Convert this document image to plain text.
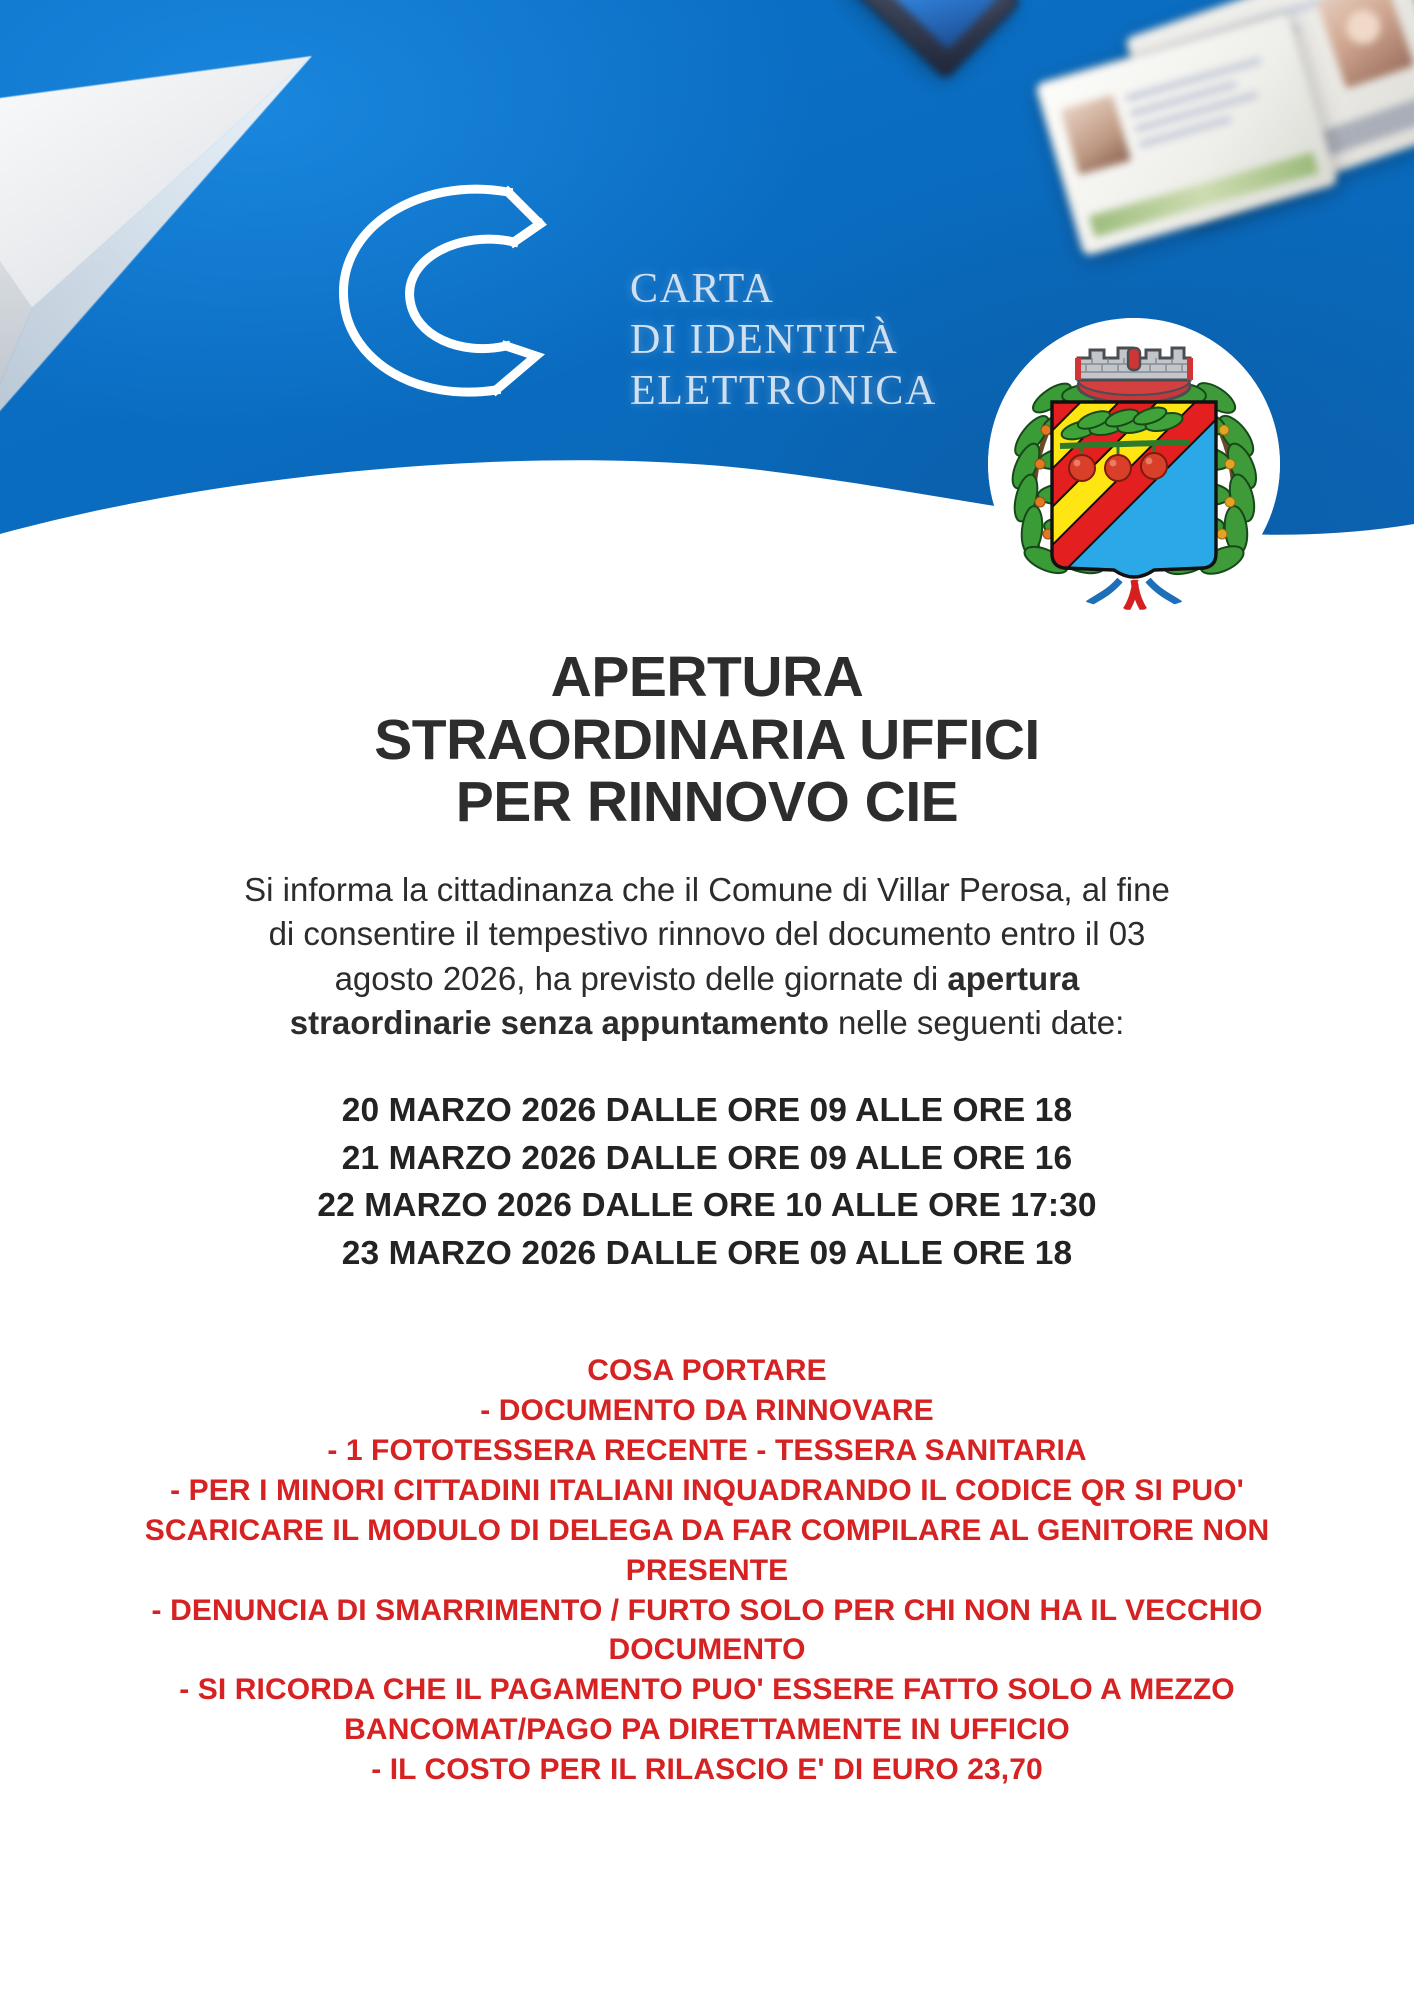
CARTA
DI IDENTITÀ
ELETTRONICA
APERTURA
STRAORDINARIA UFFICI
PER RINNOVO CIE

Si informa la cittadinanza che il Comune di Villar Perosa, al fine di consentire il tempestivo rinnovo del documento entro il 03 agosto 2026, ha previsto delle giornate di apertura straordinarie senza appuntamento nelle seguenti date:

20 MARZO 2026 DALLE ORE 09 ALLE ORE 18
21 MARZO 2026 DALLE ORE 09 ALLE ORE 16
22 MARZO 2026 DALLE ORE 10 ALLE ORE 17:30
23 MARZO 2026 DALLE ORE 09 ALLE ORE 18
COSA PORTARE
- DOCUMENTO DA RINNOVARE
- 1 FOTOTESSERA RECENTE - TESSERA SANITARIA
- PER I MINORI CITTADINI ITALIANI INQUADRANDO IL CODICE QR SI PUO' SCARICARE IL MODULO DI DELEGA DA FAR COMPILARE AL GENITORE NON PRESENTE
- DENUNCIA DI SMARRIMENTO / FURTO SOLO PER CHI NON HA IL VECCHIO DOCUMENTO
- SI RICORDA CHE IL PAGAMENTO PUO' ESSERE FATTO SOLO A MEZZO BANCOMAT/PAGO PA DIRETTAMENTE IN UFFICIO
- IL COSTO PER IL RILASCIO E' DI EURO 23,70
